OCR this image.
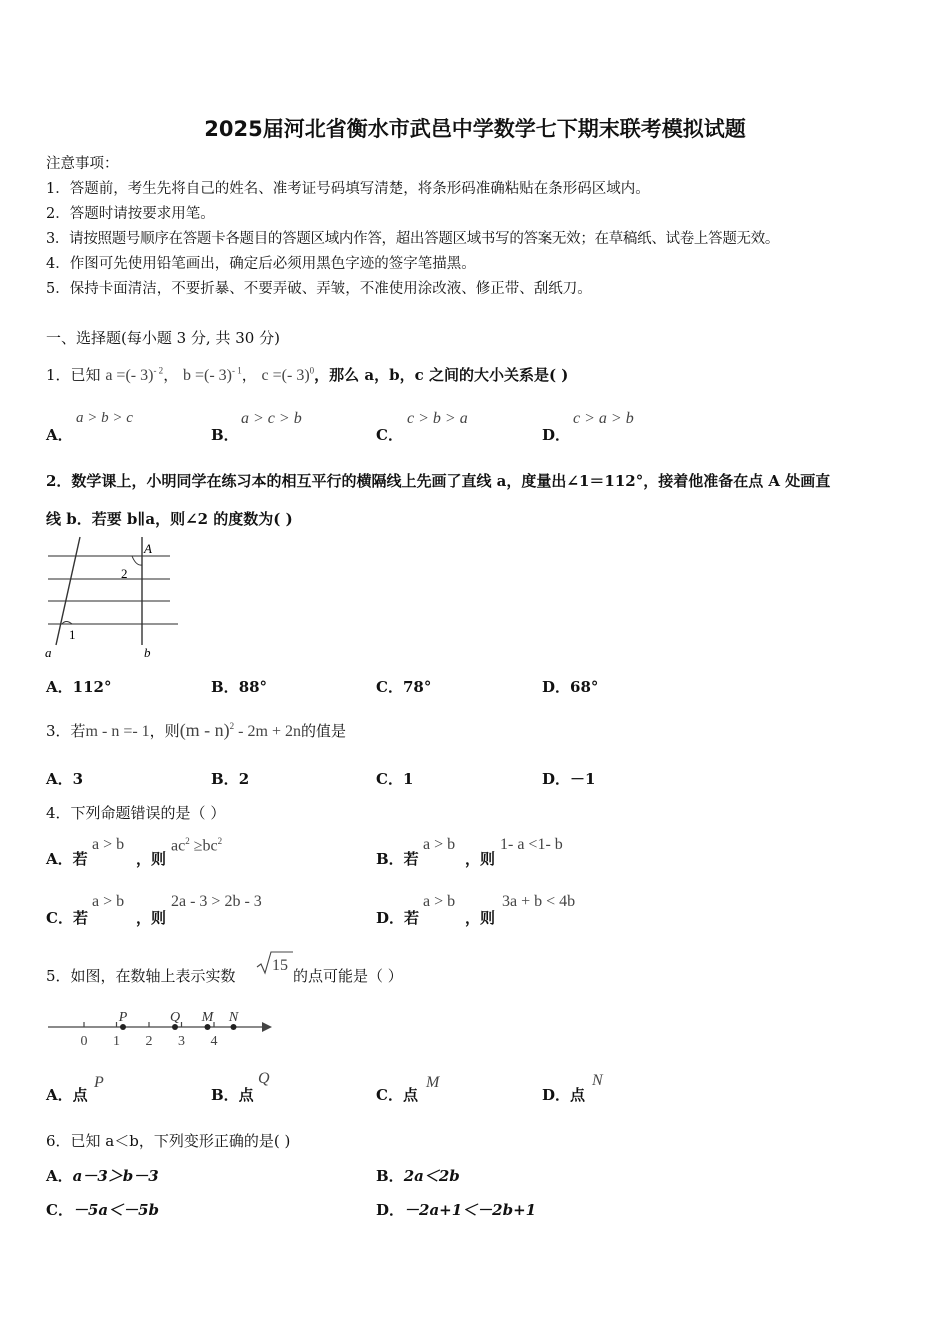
2025届河北省衡水市武邑中学数学七下期末联考模拟试题
注意事项：
1．答题前，考生先将自己的姓名、准考证号码填写清楚，将条形码准确粘贴在条形码区域内。
2．答题时请按要求用笔。
3．请按照题号顺序在答题卡各题目的答题区域内作答，超出答题区域书写的答案无效；在草稿纸、试卷上答题无效。
4．作图可先使用铅笔画出，确定后必须用黑色字迹的签字笔描黑。
5．保持卡面清洁，不要折暴、不要弄破、弄皱，不准使用涂改液、修正带、刮纸刀。
一、选择题(每小题 3 分, 共 30 分)
1．已知 a =(- 3)$^{- 2}$， b =(- 3)$^{- 1}$， c =(- 3)$^0$，那么 a，b，c 之间的大小关系是( )
A．
a > b > c
B．
a > c > b
C．
c > b > a
D．
c > a > b
2．数学课上，小明同学在练习本的相互平行的横隔线上先画了直线 a，度量出∠1＝112°，接着他准备在点 A 处画直
线 b．若要 b∥a，则∠2 的度数为( )
A
2
1
a	b
A．112°	B．88°	C．78°	D．68°
3．若m - n =- 1，则(m - n)$^2$ - 2m + 2n的值是
A．3	B．2	C．1	D．－1
4．下列命题错误的是（ ）
A．若
a > b
，则
$ac^2 \ge bc^2$
B．若
a > b
，则
1- a <1- b
C．若
a > b
，则
2a - 3 > 2b - 3
D．若
a > b
，则
3a + b < 4b
5．如图，在数轴上表示实数
15
的点可能是（ ）
0 1 2 3 4
P	Q M N
A．点
P
B．点
Q
C．点
M
D．点
N
6．已知 a＜b，下列变形正确的是( )
A．a－3＞b－3	B．2a＜2b
C．－5a＜－5b	D．－2a+1＜－2b+1
